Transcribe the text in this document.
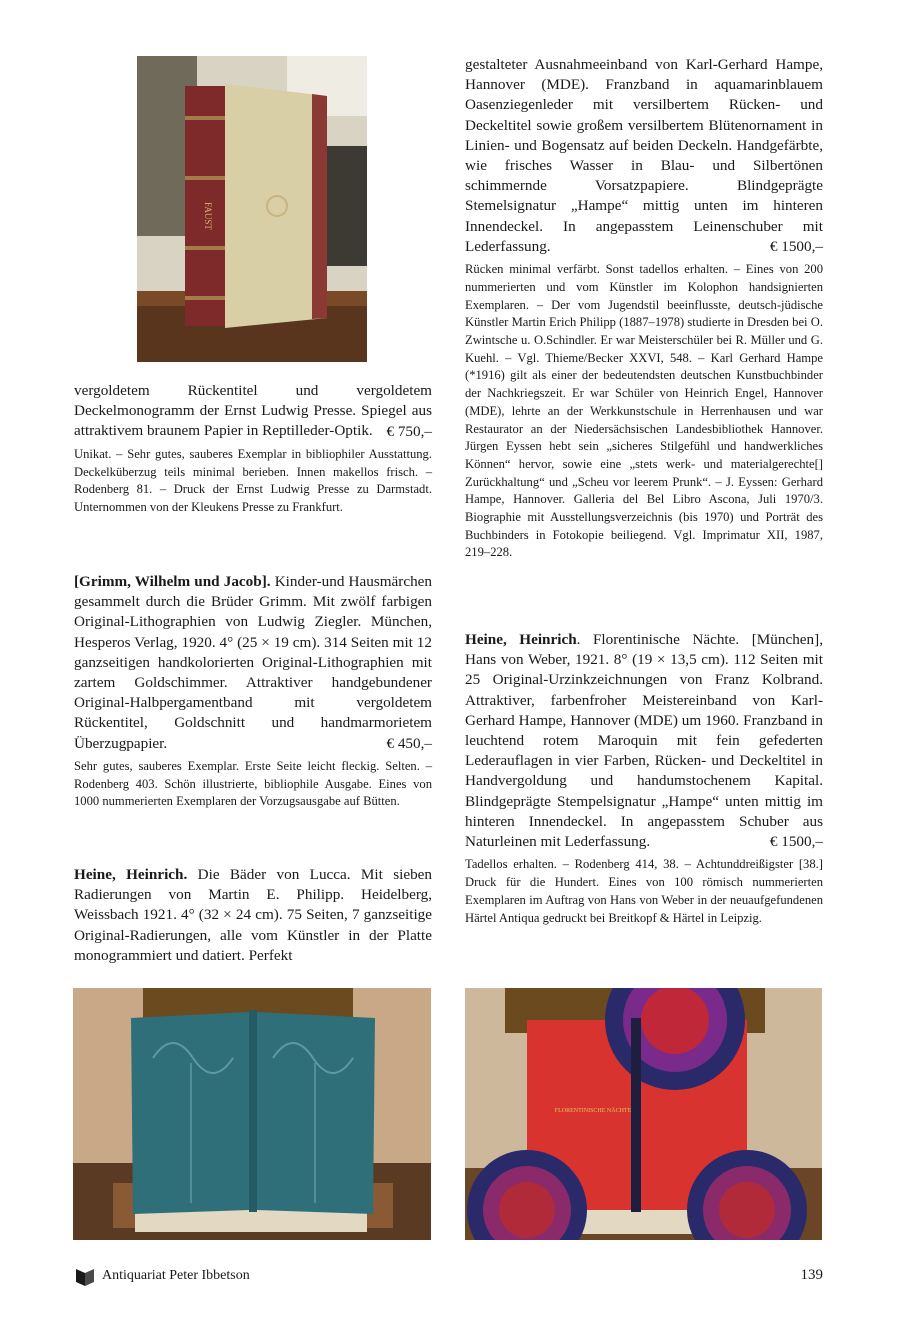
FAUST

vergoldetem Rückentitel und vergoldetem Deckelmonogramm der Ernst Ludwig Presse. Spiegel aus attraktivem braunem Papier in Reptilleder-Optik. € 750,–

Unikat. – Sehr gutes, sauberes Exemplar in bibliophiler Ausstattung. Deckelküberzug teils minimal berieben. Innen makellos frisch. – Rodenberg 81. – Druck der Ernst Ludwig Presse zu Darmstadt. Unternommen von der Kleukens Presse zu Frankfurt.

[Grimm, Wilhelm und Jacob]. Kinder-und Hausmärchen gesammelt durch die Brüder Grimm. Mit zwölf farbigen Original-Lithographien von Ludwig Ziegler. München, Hesperos Verlag, 1920. 4° (25 × 19 cm). 314 Seiten mit 12 ganzseitigen handkolorierten Original-Lithographien mit zartem Goldschimmer. Attraktiver handgebundener Original-Halbpergamentband mit vergoldetem Rückentitel, Goldschnitt und handmarmorietem Überzugpapier.	€ 450,–

Sehr gutes, sauberes Exemplar. Erste Seite leicht fleckig. Selten. – Rodenberg 403. Schön illustrierte, bibliophile Ausgabe. Eines von 1000 nummerierten Exemplaren der Vorzugsausgabe auf Bütten.

Heine, Heinrich. Die Bäder von Lucca. Mit sieben Radierungen von Martin E. Philipp. Heidelberg, Weissbach 1921. 4° (32 × 24 cm). 75 Seiten, 7 ganzseitige Original-Radierungen, alle vom Künstler in der Platte monogrammiert und datiert. Perfekt

gestalteter Ausnahmeeinband von Karl-Gerhard Hampe, Hannover (MDE). Franzband in aquamarinblauem Oasenziegenleder mit versilbertem Rücken- und Deckeltitel sowie großem versilbertem Blütenornament in Linien- und Bogensatz auf beiden Deckeln. Handgefärbte, wie frisches Wasser in Blau- und Silbertönen schimmernde Vorsatzpapiere. Blindgeprägte Stemelsignatur „Hampe“ mittig unten im hinteren Innendeckel. In angepasstem Leinenschuber mit Lederfassung.	€ 1500,–

Rücken minimal verfärbt. Sonst tadellos erhalten. – Eines von 200 nummerierten und vom Künstler im Kolophon handsignierten Exemplaren. – Der vom Jugendstil beeinflusste, deutsch-jüdische Künstler Martin Erich Philipp (1887–1978) studierte in Dresden bei O. Zwintsche u. O.Schindler. Er war Meisterschüler bei R. Müller und G. Kuehl. – Vgl. Thieme/Becker XXVI, 548. – Karl Gerhard Hampe (*1916) gilt als einer der bedeutendsten deutschen Kunstbuchbinder der Nachkriegszeit. Er war Schüler von Heinrich Engel, Hannover (MDE), lehrte an der Werkkunstschule in Herrenhausen und war Restaurator an der Niedersächsischen Landesbibliothek Hannover. Jürgen Eyssen hebt sein „sicheres Stilgefühl und handwerkliches Können“ hervor, sowie eine „stets werk- und materialgerechte[] Zurückhaltung“ und „Scheu vor leerem Prunk“. – J. Eyssen: Gerhard Hampe, Hannover. Galleria del Bel Libro Ascona, Juli 1970/3. Biographie mit Ausstellungsverzeichnis (bis 1970) und Porträt des Buchbinders in Fotokopie beiliegend. Vgl. Imprimatur XII, 1987, 219–228.

Heine, Heinrich. Florentinische Nächte. [München], Hans von Weber, 1921. 8° (19 × 13,5 cm). 112 Seiten mit 25 Original-Urzinkzeichnungen von Franz Kolbrand. Attraktiver, farbenfroher Meistereinband von Karl-Gerhard Hampe, Hannover (MDE) um 1960. Franzband in leuchtend rotem Maroquin mit fein gefederten Lederauflagen in vier Farben, Rücken- und Deckeltitel in Handvergoldung und handumstochenem Kapital. Blindgeprägte Stempelsignatur „Hampe“ unten mittig im hinteren Innendeckel. In angepasstem Schuber aus Naturleinen mit Lederfassung.	€ 1500,–

Tadellos erhalten. – Rodenberg 414, 38. – Achtunddreißigster [38.] Druck für die Hundert. Eines von 100 römisch nummerierten Exemplaren im Auftrag von Hans von Weber in der neuaufgefundenen Härtel Antiqua gedruckt bei Breitkopf & Härtel in Leipzig.

FLORENTINISCHE NÄCHTE
Antiquariat Peter Ibbetson	139
